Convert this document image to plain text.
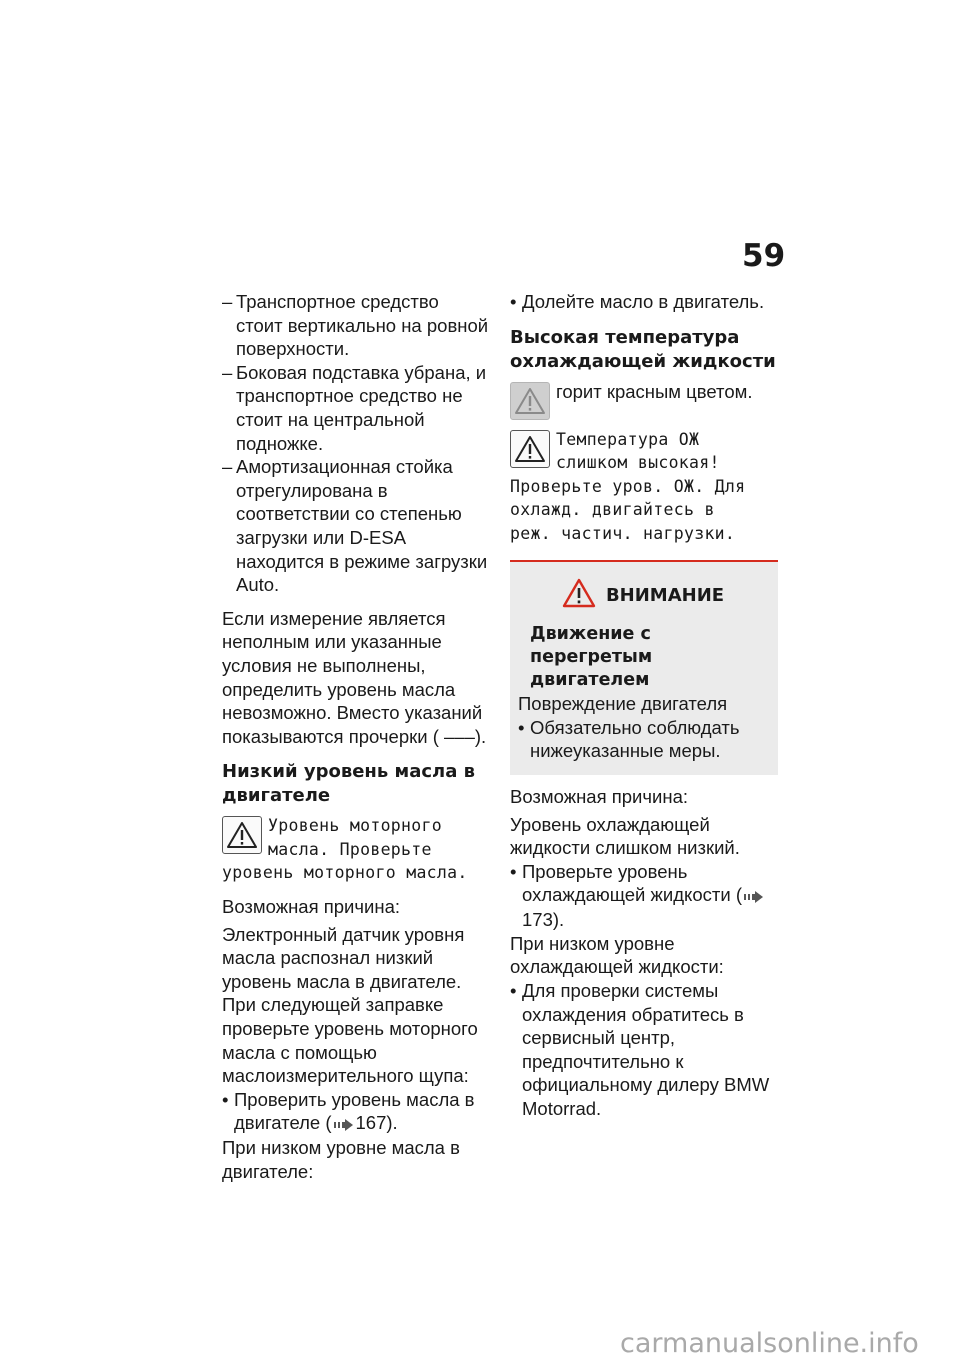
59

– Транспортное средство стоит вертикально на ровной поверхности.

– Боковая подставка убрана, и транспортное средство не стоит на центральной подножке.

– Амортизационная стойка отрегулирована в соответствии со степенью загрузки или D-ESA находится в режиме загрузки Auto.

Если измерение является неполным или указанные условия не выполнены, определить уровень масла невозможно. Вместо указаний показываются прочерки ( –––).

Низкий уровень масла в двигателе

Уровень моторного
масла. Проверьте
уровень моторного масла.

Возможная причина:

Электронный датчик уровня масла распознал низкий уровень масла в двигателе. При следующей заправке проверьте уровень моторного масла с помощью маслоизмерительного щупа:

• Проверить уровень масла в двигателе ( 167).

При низком уровне масла в двигателе:

• Долейте масло в двигатель.

Высокая температура охлаждающей жидкости

горит красным цветом.
Температура ОЖ
слишком высокая!
Проверьте уров. ОЖ. Для
охлажд. двигайтесь в
реж. частич. нагрузки.
ВНИМАНИЕ

Движение с перегретым двигателем

Повреждение двигателя

• Обязательно соблюдать нижеуказанные меры.

Возможная причина:

Уровень охлаждающей жидкости слишком низкий.

• Проверьте уровень охлаждающей жидкости (173).

При низком уровне охлаждающей жидкости:

• Для проверки системы охлаждения обратитесь в сервисный центр, предпочтительно к официальному дилеру BMW Motorrad.

carmanualsonline.info
